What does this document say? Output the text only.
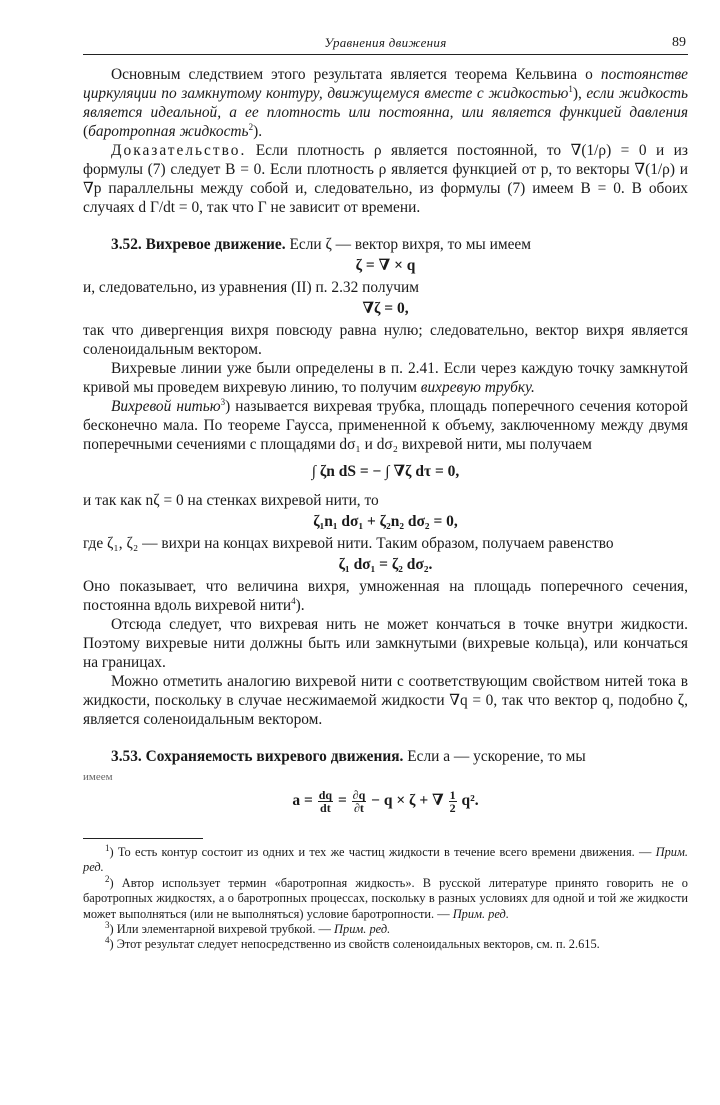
Уравнения движения	89

Основным следствием этого результата является теорема Кельвина о постоянстве циркуляции по замкнутому контуру, движущемуся вместе с жидкостью$^1$), если жидкость является идеальной, а ее плотность или постоянна, или является функцией давления (баротропная жидкость$^2$).

Доказательство. Если плотность ρ является постоянной, то ∇(1/ρ) = 0 и из формулы (7) следует B = 0. Если плотность ρ является функцией от p, то векторы ∇(1/ρ) и ∇p параллельны между собой и, следовательно, из формулы (7) имеем B = 0. В обоих случаях d Γ/dt = 0, так что Γ не зависит от времени.

3.52. Вихревое движение. Если ζ — вектор вихря, то мы имеем

ζ = ∇ × q

и, следовательно, из уравнения (II) п. 2.32 получим

∇ζ = 0,

так что дивергенция вихря повсюду равна нулю; следовательно, вектор вихря является соленоидальным вектором.

Вихревые линии уже были определены в п. 2.41. Если через каждую точку замкнутой кривой мы проведем вихревую линию, то получим вихревую трубку.

Вихревой нитью$^3$) называется вихревая трубка, площадь поперечного сечения которой бесконечно мала. По теореме Гаусса, примененной к объему, заключенному между двумя поперечными сечениями с площадями dσ₁ и dσ₂ вихревой нити, мы получаем

∫ ζn dS = − ∫ ∇ζ dτ = 0,

и так как nζ = 0 на стенках вихревой нити, то

ζ₁n₁ dσ₁ + ζ₂n₂ dσ₂ = 0,

где ζ₁, ζ₂ — вихри на концах вихревой нити. Таким образом, получаем равенство

ζ₁ dσ₁ = ζ₂ dσ₂.

Оно показывает, что величина вихря, умноженная на площадь поперечного сечения, постоянна вдоль вихревой нити$^4$).

Отсюда следует, что вихревая нить не может кончаться в точке внутри жидкости. Поэтому вихревые нити должны быть или замкнутыми (вихревые кольца), или кончаться на границах.

Можно отметить аналогию вихревой нити с соответствующим свойством нитей тока в жидкости, поскольку в случае несжимаемой жидкости ∇q = 0, так что вектор q, подобно ζ, является соленоидальным вектором.

3.53. Сохраняемость вихревого движения. Если a — ускорение, то мы

имеем

$a = \frac{dq}{dt} = \frac{\partial q}{\partial t} - q \times \zeta$ + ∇ $\frac{1}{2} q^2$.

$^1$) То есть контур состоит из одних и тех же частиц жидкости в течение всего времени движения. — Прим. ред.

$^2$) Автор использует термин «баротропная жидкость». В русской литературе принято говорить не о баротропных жидкостях, а о баротропных процессах, поскольку в разных условиях для одной и той же жидкости может выполняться (или не выполняться) условие баротропности. — Прим. ред.

$^3$) Или элементарной вихревой трубкой. — Прим. ред.

$^4$) Этот результат следует непосредственно из свойств соленоидальных векторов, см. п. 2.615.
